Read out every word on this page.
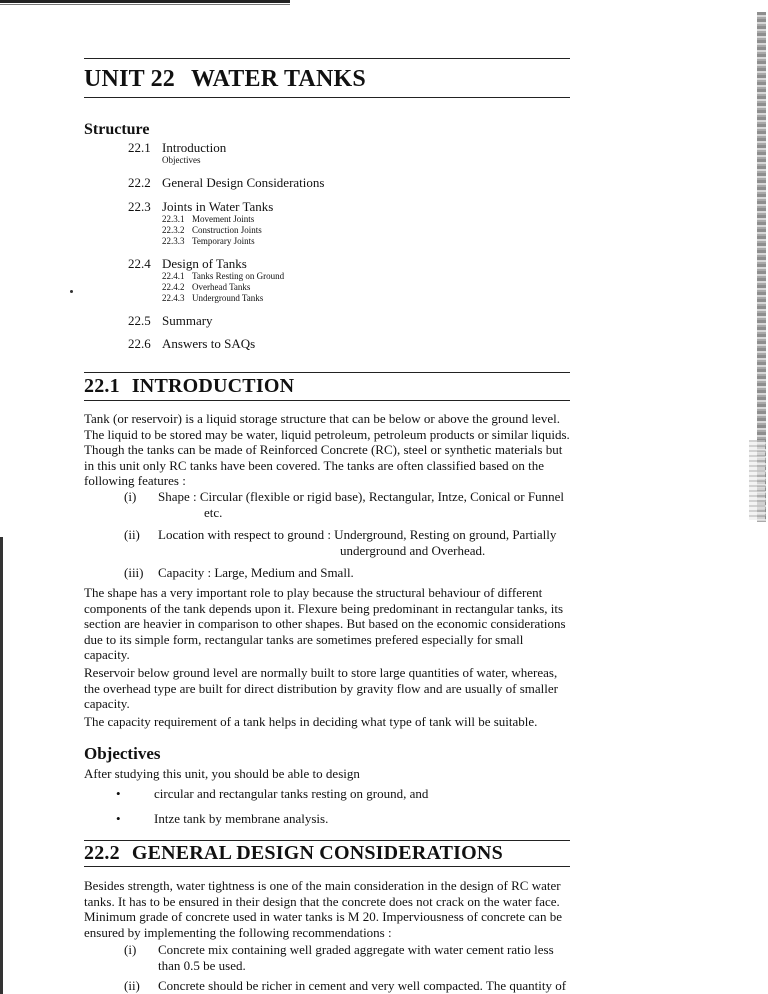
UNIT 22 WATER TANKS
Structure
22.1 Introduction
Objectives
22.2 General Design Considerations
22.3 Joints in Water Tanks
22.3.1 Movement Joints
22.3.2 Construction Joints
22.3.3 Temporary Joints
22.4 Design of Tanks
22.4.1 Tanks Resting on Ground
22.4.2 Overhead Tanks
22.4.3 Underground Tanks
22.5 Summary
22.6 Answers to SAQs
22.1 INTRODUCTION

Tank (or reservoir) is a liquid storage structure that can be below or above the ground level. The liquid to be stored may be water, liquid petroleum, petroleum products or similar liquids. Though the tanks can be made of Reinforced Concrete (RC), steel or synthetic materials but in this unit only RC tanks have been covered. The tanks are often classified based on the following features :

(i) Shape : Circular (flexible or rigid base), Rectangular, Intze, Conical or Funnel
etc.
(ii) Location with respect to ground : Underground, Resting on ground, Partially
underground and Overhead.
(iii) Capacity : Large, Medium and Small.

The shape has a very important role to play because the structural behaviour of different components of the tank depends upon it. Flexure being predominant in rectangular tanks, its section are heavier in comparison to other shapes. But based on the economic considerations due to its simple form, rectangular tanks are sometimes prefered especially for small capacity.

Reservoir below ground level are normally built to store large quantities of water, whereas, the overhead type are built for direct distribution by gravity flow and are usually of smaller capacity.

The capacity requirement of a tank helps in deciding what type of tank will be suitable.

Objectives

After studying this unit, you should be able to design

•	circular and rectangular tanks resting on ground, and
•	Intze tank by membrane analysis.
22.2 GENERAL DESIGN CONSIDERATIONS

Besides strength, water tightness is one of the main consideration in the design of RC water tanks. It has to be ensured in their design that the concrete does not crack on the water face. Minimum grade of concrete used in water tanks is M 20. Imperviousness of concrete can be ensured by implementing the following recommendations :

(i) Concrete mix containing well graded aggregate with water cement ratio less
than 0.5 be used.
(ii) Concrete should be richer in cement and very well compacted. The quantity of
